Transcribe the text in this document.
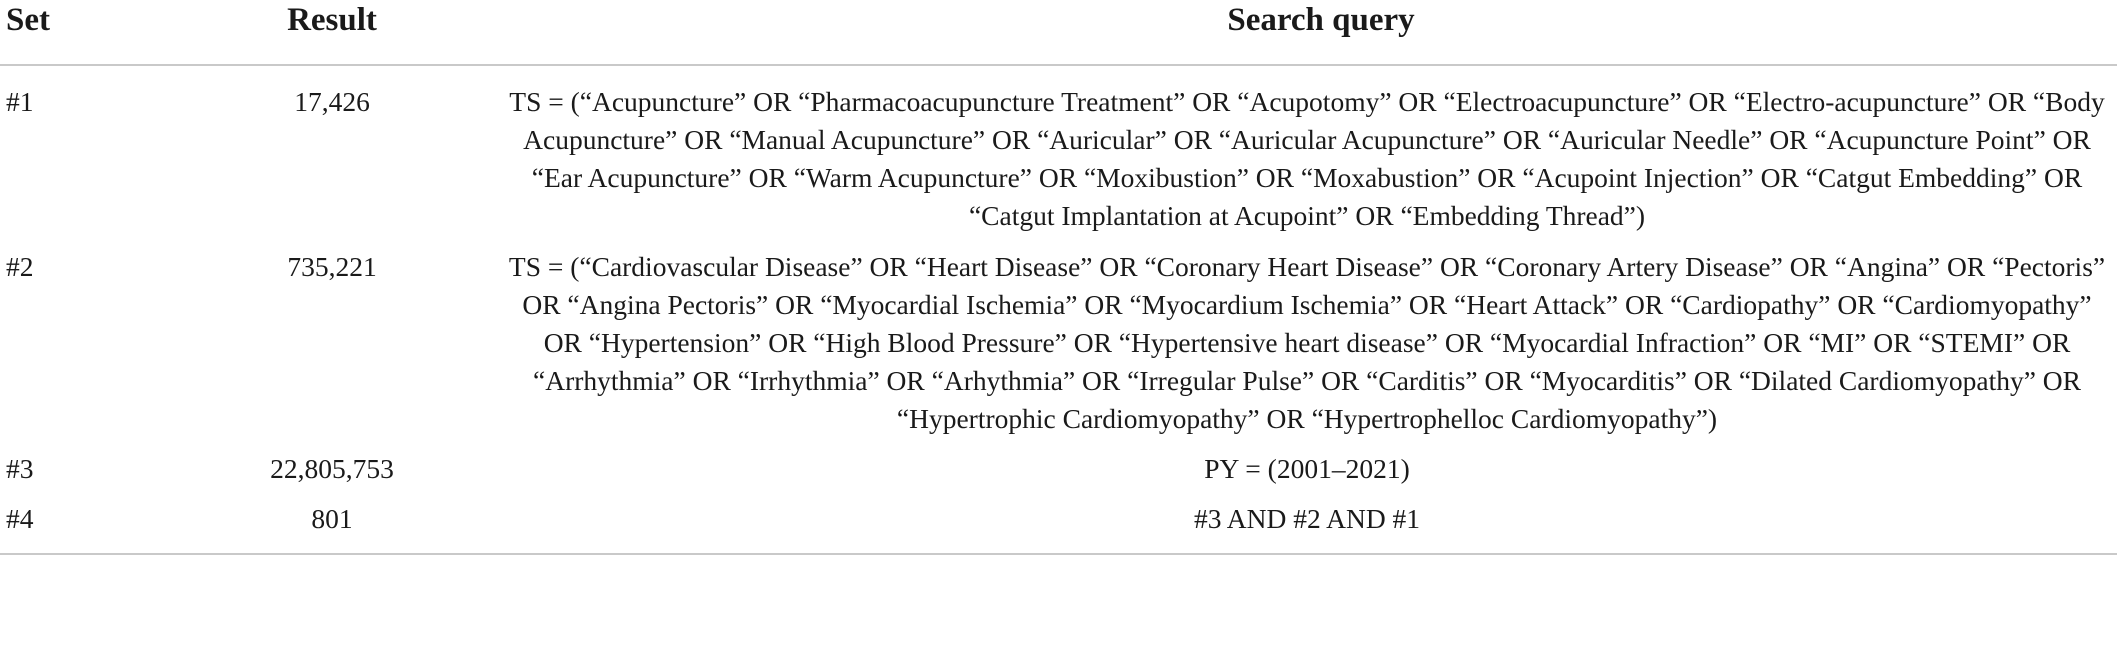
Set	Result	Search query
#1	17,426	TS = (“Acupuncture” OR “Pharmacoacupuncture Treatment” OR “Acupotomy” OR “Electroacupuncture” OR “Electro-acupuncture” OR “Body Acupuncture” OR “Manual Acupuncture” OR “Auricular” OR “Auricular Acupuncture” OR “Auricular Needle” OR “Acupuncture Point” OR “Ear Acupuncture” OR “Warm Acupuncture” OR “Moxibustion” OR “Moxabustion” OR “Acupoint Injection” OR “Catgut Embedding” OR “Catgut Implantation at Acupoint” OR “Embedding Thread”)
#2	735,221	TS = (“Cardiovascular Disease” OR “Heart Disease” OR “Coronary Heart Disease” OR “Coronary Artery Disease” OR “Angina” OR “Pectoris” OR “Angina Pectoris” OR “Myocardial Ischemia” OR “Myocardium Ischemia” OR “Heart Attack” OR “Cardiopathy” OR “Cardiomyopathy” OR “Hypertension” OR “High Blood Pressure” OR “Hypertensive heart disease” OR “Myocardial Infraction” OR “MI” OR “STEMI” OR “Arrhythmia” OR “Irrhythmia” OR “Arhythmia” OR “Irregular Pulse” OR “Carditis” OR “Myocarditis” OR “Dilated Cardiomyopathy” OR “Hypertrophic Cardiomyopathy” OR “Hypertrophelloc Cardiomyopathy”)
#3	22,805,753	PY = (2001–2021)
#4	801	#3 AND #2 AND #1
